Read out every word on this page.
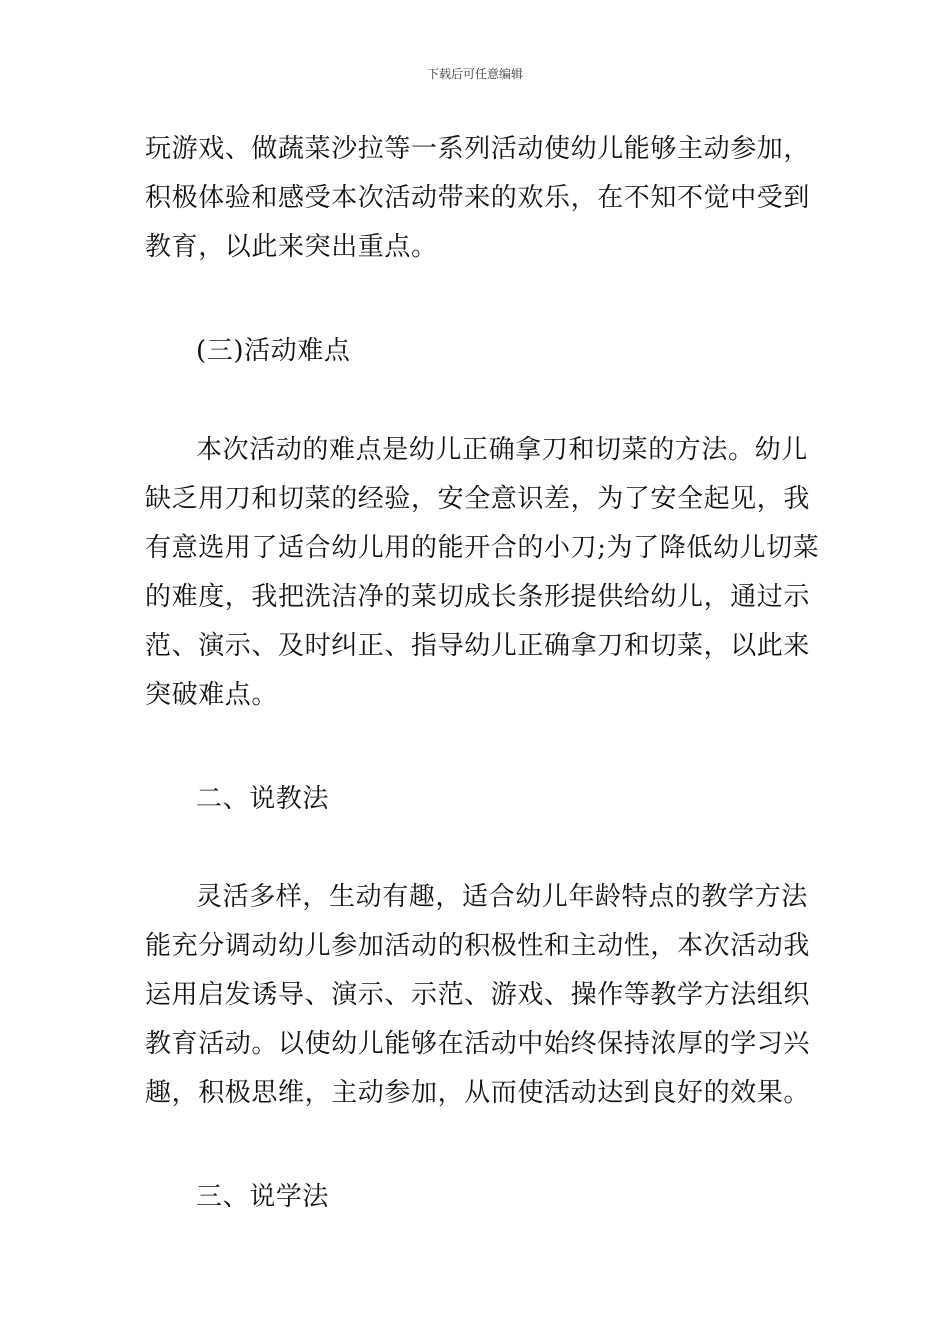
下载后可任意编辑
玩游戏、做蔬菜沙拉等一系列活动使幼儿能够主动参加，
积极体验和感受本次活动带来的欢乐，在不知不觉中受到
教育，以此来突出重点。
(三)活动难点
本次活动的难点是幼儿正确拿刀和切菜的方法。幼儿
缺乏用刀和切菜的经验，安全意识差，为了安全起见，我
有意选用了适合幼儿用的能开合的小刀;为了降低幼儿切菜
的难度，我把洗洁净的菜切成长条形提供给幼儿，通过示
范、演示、及时纠正、指导幼儿正确拿刀和切菜，以此来
突破难点。
二、说教法
灵活多样，生动有趣，适合幼儿年龄特点的教学方法
能充分调动幼儿参加活动的积极性和主动性，本次活动我
运用启发诱导、演示、示范、游戏、操作等教学方法组织
教育活动。以使幼儿能够在活动中始终保持浓厚的学习兴
趣，积极思维，主动参加，从而使活动达到良好的效果。
三、说学法
